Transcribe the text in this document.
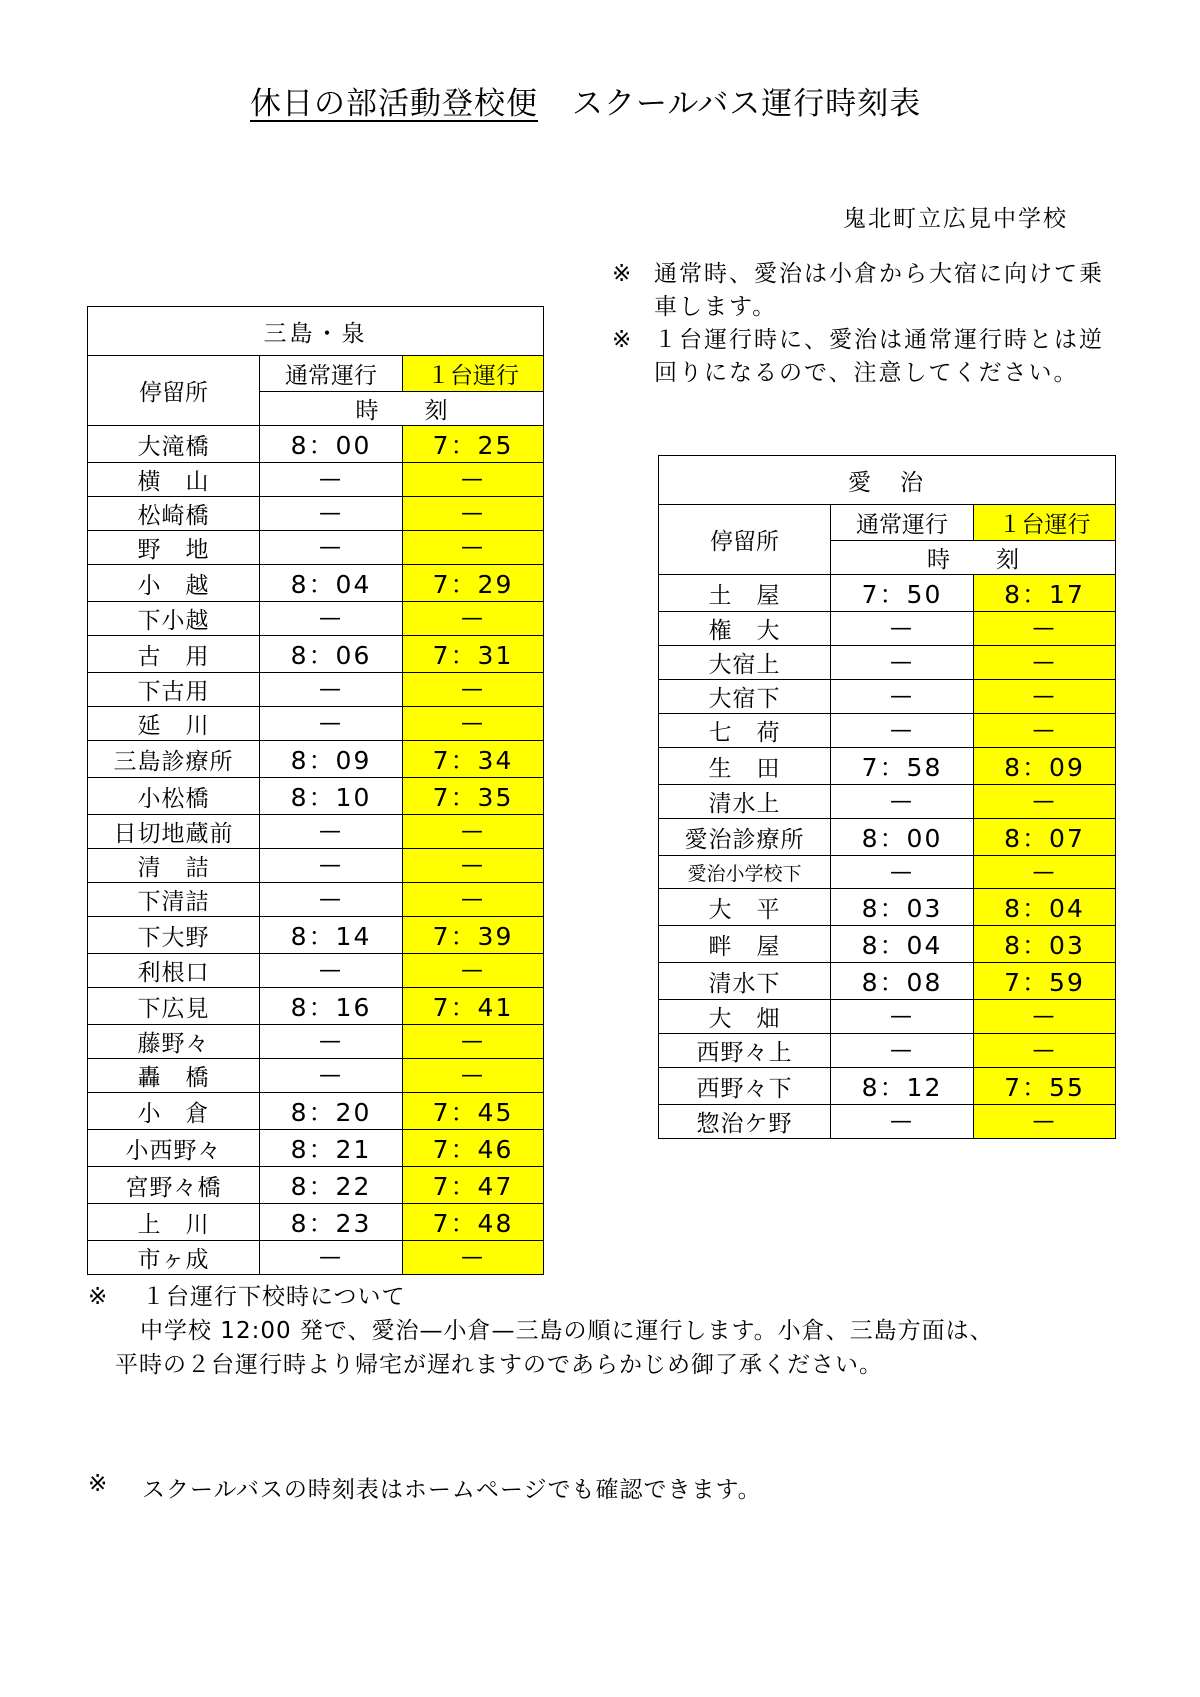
休日の部活動登校便 スクールバス運行時刻表
鬼北町立広見中学校
※ 通常時、愛治は小倉から大宿に向けて乗車します。
※ １台運行時に、愛治は通常運行時とは逆回りになるので、注意してください。
三島・泉		
停留所	通常運行	１台運行
	時　　刻	
大滝橋	8：00	7：25
横　山	—	—
松崎橋	—	—
野　地	—	—
小　越	8：04	7：29
下小越	—	—
古　用	8：06	7：31
下古用	—	—
延　川	—	—
三島診療所	8：09	7：34
小松橋	8：10	7：35
日切地蔵前	—	—
清　詰	—	—
下清詰	—	—
下大野	8：14	7：39
利根口	—	—
下広見	8：16	7：41
藤野々	—	—
轟　橋	—	—
小　倉	8：20	7：45
小西野々	8：21	7：46
宮野々橋	8：22	7：47
上　川	8：23	7：48
市ヶ成	—	—
愛　治		
停留所	通常運行	１台運行
	時　　刻	
土　屋	7：50	8：17
権　大	—	—
大宿上	—	—
大宿下	—	—
七　荷	—	—
生　田	7：58	8：09
清水上	—	—
愛治診療所	8：00	8：07
愛治小学校下	—	—
大　平	8：03	8：04
畔　屋	8：04	8：03
清水下	8：08	7：59
大　畑	—	—
西野々上	—	—
西野々下	8：12	7：55
惣治ケ野	—	—
※	１台運行下校時について
中学校 12:00 発で、愛治—小倉—三島の順に運行します。小倉、三島方面は、
平時の２台運行時より帰宅が遅れますのであらかじめ御了承ください。
※	スクールバスの時刻表はホームページでも確認できます。
